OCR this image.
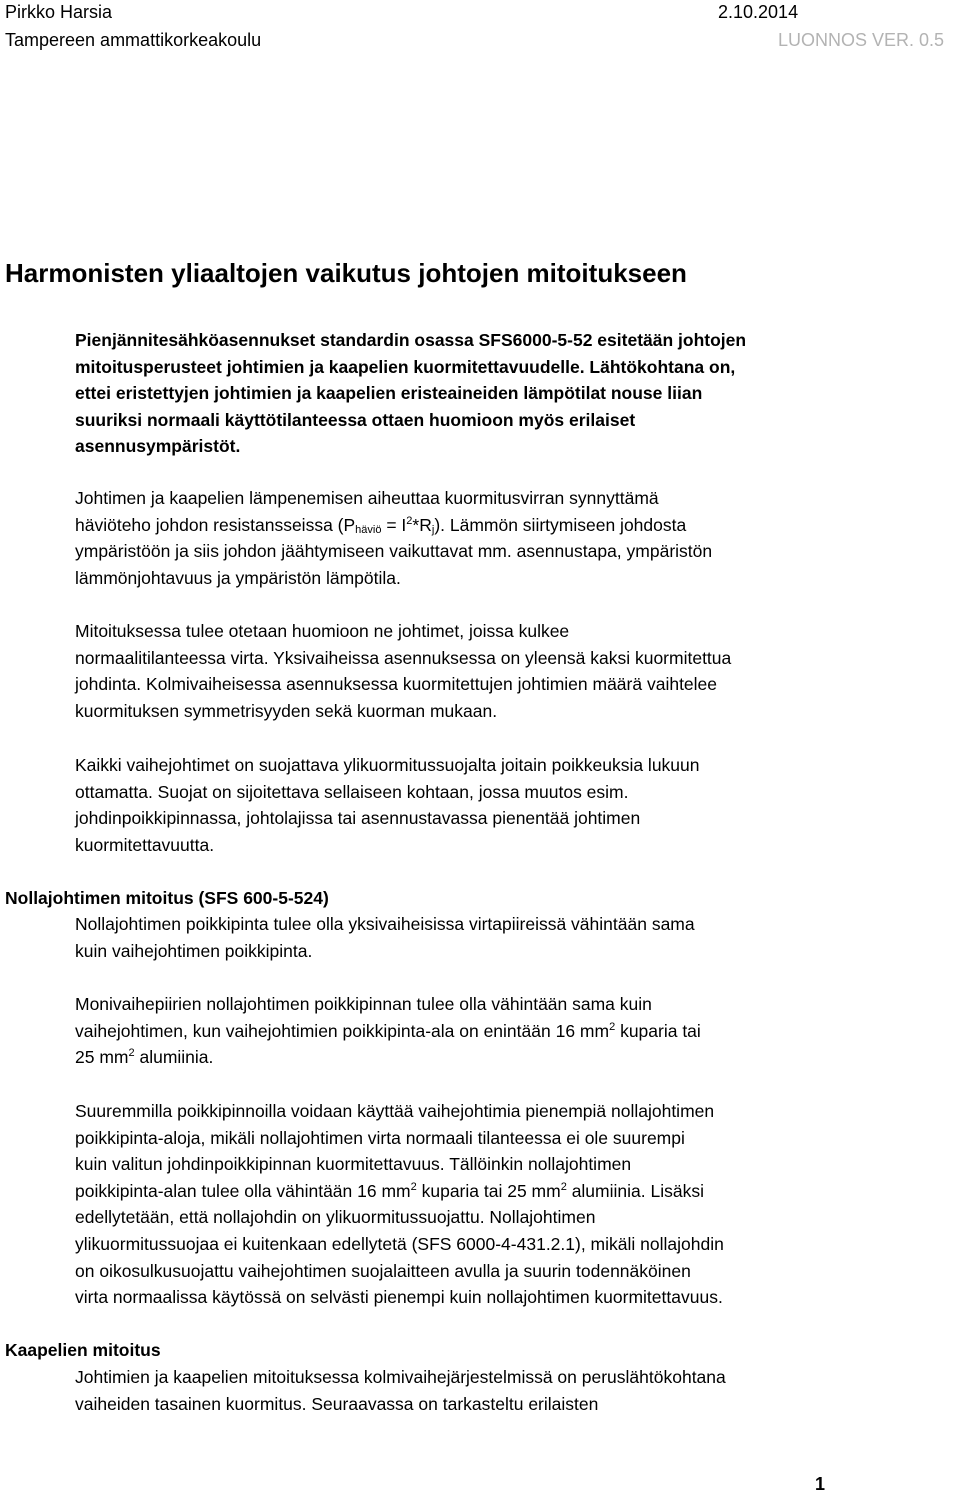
Pirkko Harsia	2.10.2014
Tampereen ammattikorkeakoulu	LUONNOS VER. 0.5
Harmonisten yliaaltojen vaikutus johtojen mitoitukseen
Pienjännitesähköasennukset standardin osassa SFS6000-5-52 esitetään johtojen
mitoitusperusteet johtimien ja kaapelien kuormitettavuudelle. Lähtökohtana on,
ettei eristettyjen johtimien ja kaapelien eristeaineiden lämpötilat nouse liian
suuriksi normaali käyttötilanteessa ottaen huomioon myös erilaiset
asennusympäristöt.
Johtimen ja kaapelien lämpenemisen aiheuttaa kuormitusvirran synnyttämä
häviöteho johdon resistansseissa $(P_{häviö} = I^2*R_j)$. Lämmön siirtymiseen johdosta
ympäristöön ja siis johdon jäähtymiseen vaikuttavat mm. asennustapa, ympäristön
lämmönjohtavuus ja ympäristön lämpötila.
Mitoituksessa tulee otetaan huomioon ne johtimet, joissa kulkee
normaalitilanteessa virta. Yksivaiheissa asennuksessa on yleensä kaksi kuormitettua
johdinta. Kolmivaiheisessa asennuksessa kuormitettujen johtimien määrä vaihtelee
kuormituksen symmetrisyyden sekä kuorman mukaan.
Kaikki vaihejohtimet on suojattava ylikuormitussuojalta joitain poikkeuksia lukuun
ottamatta. Suojat on sijoitettava sellaiseen kohtaan, jossa muutos esim.
johdinpoikkipinnassa, johtolajissa tai asennustavassa pienentää johtimen
kuormitettavuutta.
Nollajohtimen mitoitus (SFS 600-5-524)
Nollajohtimen poikkipinta tulee olla yksivaiheisissa virtapiireissä vähintään sama
kuin vaihejohtimen poikkipinta.
Monivaihepiirien nollajohtimen poikkipinnan tulee olla vähintään sama kuin
vaihejohtimen, kun vaihejohtimien poikkipinta-ala on enintään 16 $mm^2$ kuparia tai
25 $mm^2$ alumiinia.
Suuremmilla poikkipinnoilla voidaan käyttää vaihejohtimia pienempiä nollajohtimen
poikkipinta-aloja, mikäli nollajohtimen virta normaali tilanteessa ei ole suurempi
kuin valitun johdinpoikkipinnan kuormitettavuus. Tällöinkin nollajohtimen
poikkipinta-alan tulee olla vähintään 16 $mm^2$ kuparia tai 25 $mm^2$ alumiinia. Lisäksi
edellytetään, että nollajohdin on ylikuormitussuojattu. Nollajohtimen
ylikuormitussuojaa ei kuitenkaan edellytetä (SFS 6000-4-431.2.1), mikäli nollajohdin
on oikosulkusuojattu vaihejohtimen suojalaitteen avulla ja suurin todennäköinen
virta normaalissa käytössä on selvästi pienempi kuin nollajohtimen kuormitettavuus.
Kaapelien mitoitus
Johtimien ja kaapelien mitoituksessa kolmivaihejärjestelmissä on peruslähtökohtana
vaiheiden tasainen kuormitus. Seuraavassa on tarkasteltu erilaisten
1
